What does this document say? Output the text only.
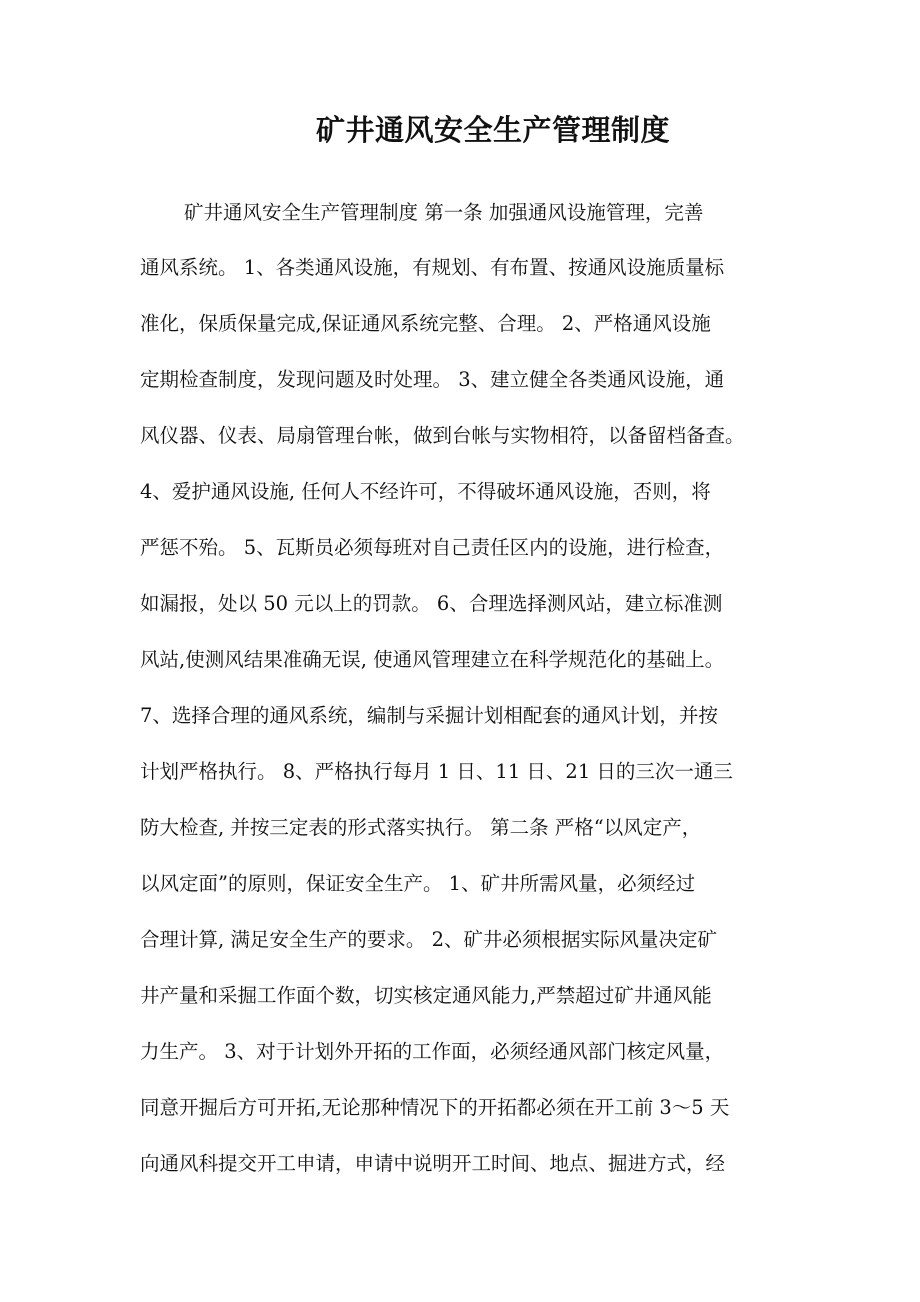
矿井通风安全生产管理制度
矿井通风安全生产管理制度 第一条 加强通风设施管理，完善
通风系统。 1、各类通风设施，有规划、有布置、按通风设施质量标
准化，保质保量完成,保证通风系统完整、合理。 2、严格通风设施
定期检查制度，发现问题及时处理。 3、建立健全各类通风设施，通
风仪器、仪表、局扇管理台帐，做到台帐与实物相符，以备留档备查。
4、爱护通风设施, 任何人不经许可，不得破坏通风设施，否则，将
严惩不殆。 5、瓦斯员必须每班对自己责任区内的设施，进行检查，
如漏报，处以 50 元以上的罚款。 6、合理选择测风站，建立标准测
风站,使测风结果准确无误, 使通风管理建立在科学规范化的基础上。
7、选择合理的通风系统，编制与采掘计划相配套的通风计划，并按
计划严格执行。 8、严格执行每月 1 日、11 日、21 日的三次一通三
防大检查, 并按三定表的形式落实执行。 第二条 严格“以风定产，
以风定面”的原则，保证安全生产。 1、矿井所需风量，必须经过
合理计算, 满足安全生产的要求。 2、矿井必须根据实际风量决定矿
井产量和采掘工作面个数，切实核定通风能力,严禁超过矿井通风能
力生产。 3、对于计划外开拓的工作面，必须经通风部门核定风量，
同意开掘后方可开拓,无论那种情况下的开拓都必须在开工前 3～5 天
向通风科提交开工申请，申请中说明开工时间、地点、掘进方式，经
